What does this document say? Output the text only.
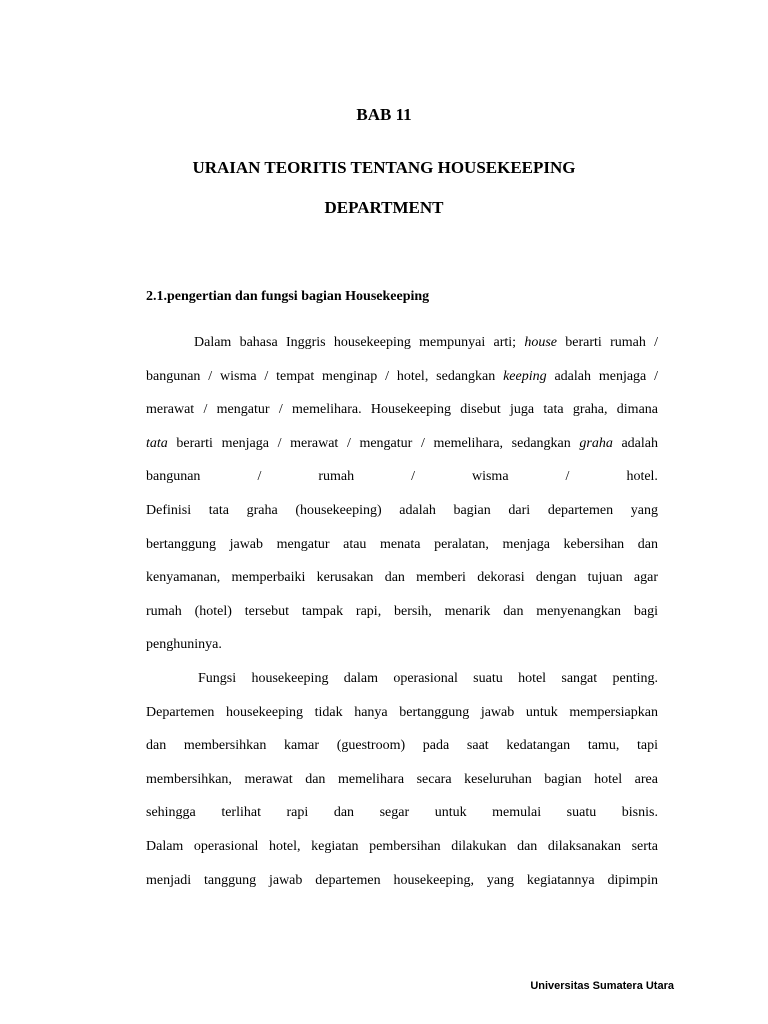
BAB 11
URAIAN TEORITIS TENTANG HOUSEKEEPING
DEPARTMENT
2.1.pengertian dan fungsi bagian Housekeeping
Dalam bahasa Inggris housekeeping mempunyai arti; house berarti rumah /
bangunan / wisma / tempat menginap / hotel, sedangkan keeping adalah menjaga /
merawat / mengatur / memelihara. Housekeeping disebut juga tata graha, dimana
tata berarti menjaga / merawat / mengatur / memelihara, sedangkan graha adalah
bangunan	/	rumah	/	wisma	/	hotel.
Definisi tata graha (housekeeping) adalah bagian dari departemen yang
bertanggung jawab mengatur atau menata peralatan, menjaga kebersihan dan
kenyamanan, memperbaiki kerusakan dan memberi dekorasi dengan tujuan agar
rumah (hotel) tersebut tampak rapi, bersih, menarik dan menyenangkan bagi
penghuninya.
Fungsi housekeeping dalam operasional suatu hotel sangat penting.
Departemen housekeeping tidak hanya bertanggung jawab untuk mempersiapkan
dan membersihkan kamar (guestroom) pada saat kedatangan tamu, tapi
membersihkan, merawat dan memelihara secara keseluruhan bagian hotel area
sehingga terlihat rapi dan segar untuk memulai suatu bisnis.
Dalam operasional hotel, kegiatan pembersihan dilakukan dan dilaksanakan serta
menjadi tanggung jawab departemen housekeeping, yang kegiatannya dipimpin
Universitas Sumatera Utara
